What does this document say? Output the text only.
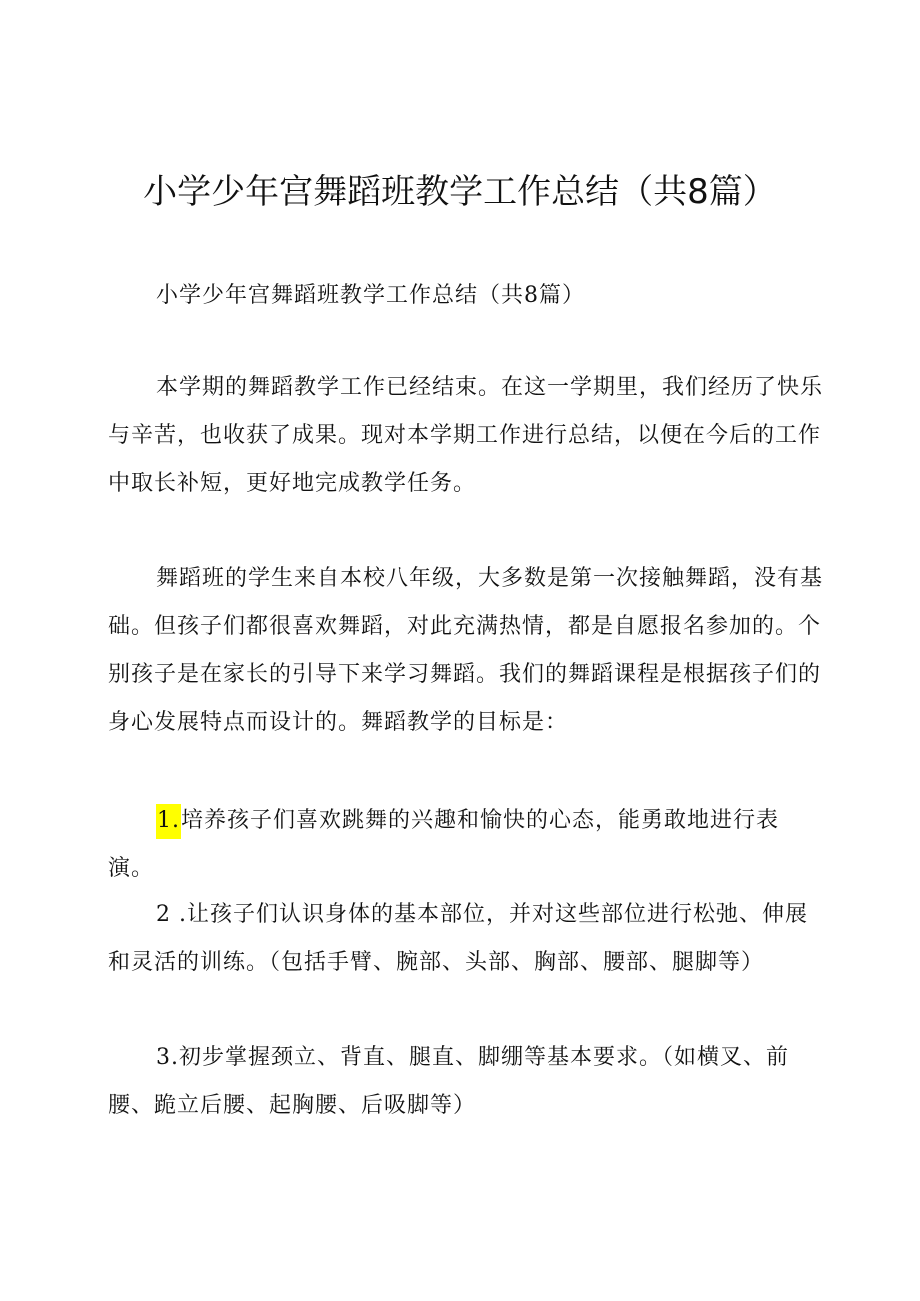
小学少年宫舞蹈班教学工作总结（共8篇）

小学少年宫舞蹈班教学工作总结（共8篇）

本学期的舞蹈教学工作已经结束。在这一学期里，我们经历了快乐与辛苦，也收获了成果。现对本学期工作进行总结，以便在今后的工作中取长补短，更好地完成教学任务。

舞蹈班的学生来自本校八年级，大多数是第一次接触舞蹈，没有基础。但孩子们都很喜欢舞蹈，对此充满热情，都是自愿报名参加的。个别孩子是在家长的引导下来学习舞蹈。我们的舞蹈课程是根据孩子们的身心发展特点而设计的。舞蹈教学的目标是：

1.培养孩子们喜欢跳舞的兴趣和愉快的心态，能勇敢地进行表演。

2 .让孩子们认识身体的基本部位，并对这些部位进行松弛、伸展和灵活的训练。（包括手臂、腕部、头部、胸部、腰部、腿脚等）

3.初步掌握颈立、背直、腿直、脚绷等基本要求。（如横叉、前腰、跪立后腰、起胸腰、后吸脚等）
